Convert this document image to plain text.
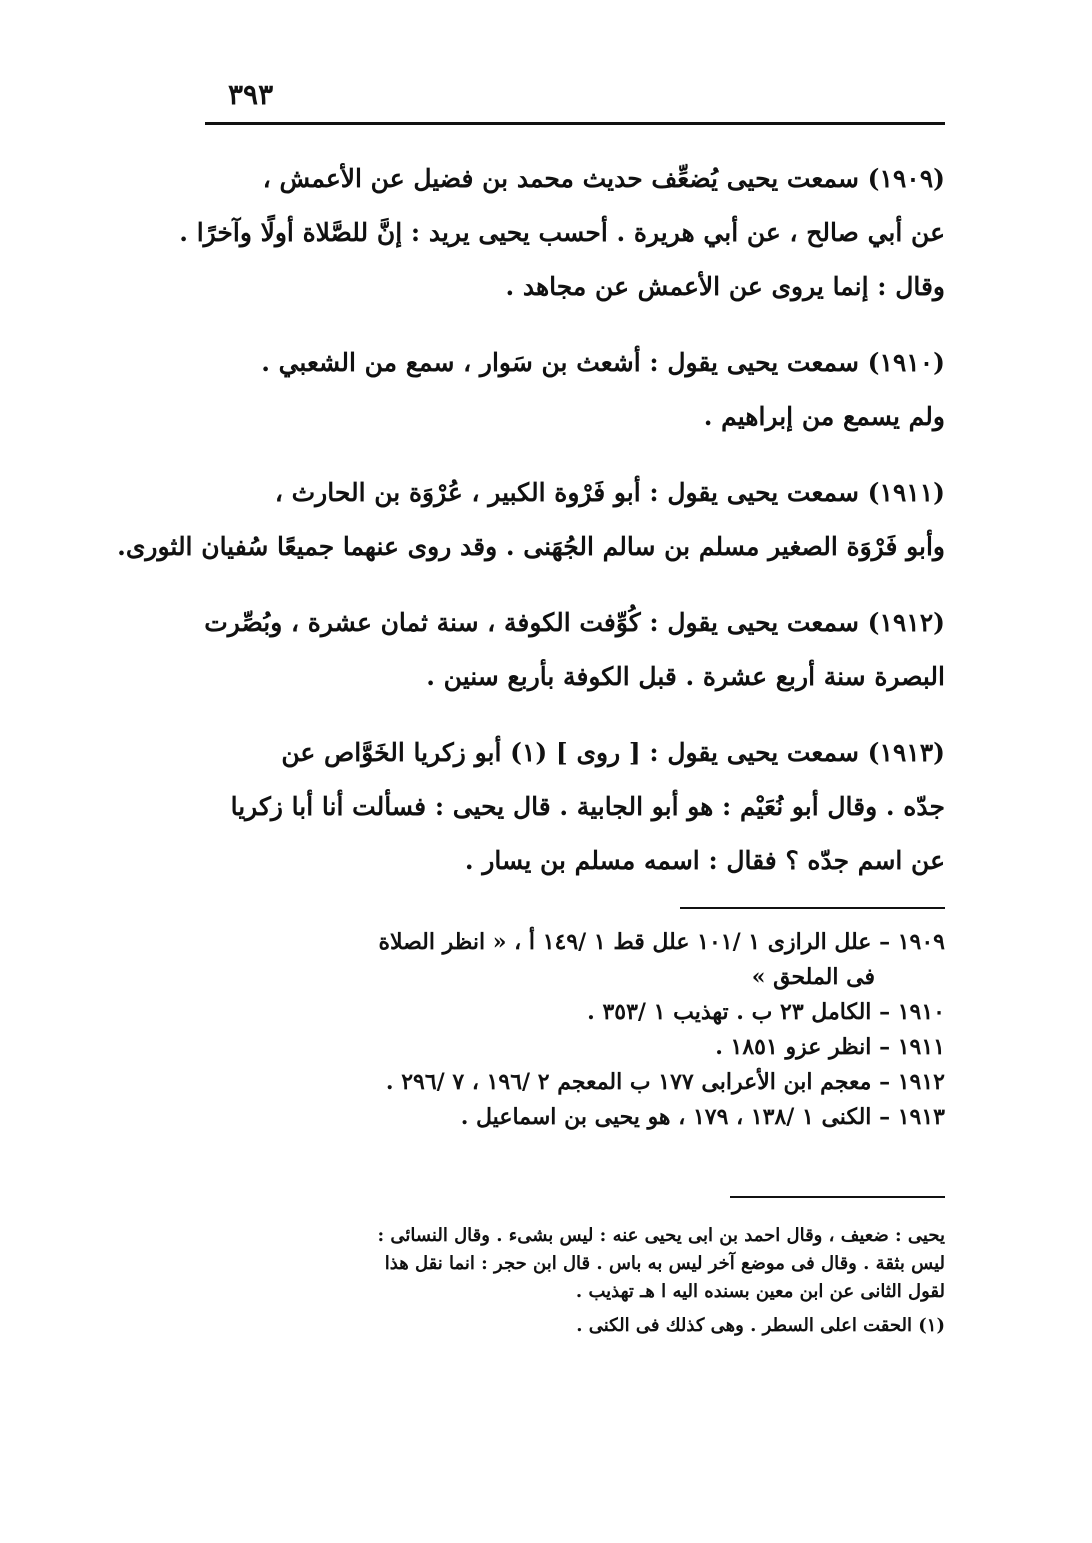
٣٩٣
(١٩٠٩) سمعت يحيى يُضعِّف حديث محمد بن فضيل عن الأعمش ،
عن أبي صالح ، عن أبي هريرة . أحسب يحيى يريد : إنَّ للصَّلاة أولًا وآخرًا .
وقال : إنما يروى عن الأعمش عن مجاهد .
(١٩١٠) سمعت يحيى يقول : أشعث بن سَوار ، سمع من الشعبي .
ولم يسمع من إبراهيم .
(١٩١١) سمعت يحيى يقول : أبو فَرْوة الكبير ، عُرْوَة بن الحارث ،
وأبو فَرْوَة الصغير مسلم بن سالم الجُهَنى . وقد روى عنهما جميعًا سُفيان الثورى.
(١٩١٢) سمعت يحيى يقول : كُوِّفت الكوفة ، سنة ثمان عشرة ، وبُصِّرت
البصرة سنة أربع عشرة . قبل الكوفة بأربع سنين .
(١٩١٣) سمعت يحيى يقول : [ روى ] (١) أبو زكريا الخَوَّاص عن
جدّه . وقال أبو نُعَيْم : هو أبو الجابية . قال يحيى : فسألت أنا أبا زكريا
عن اسم جدّه ؟ فقال : اسمه مسلم بن يسار .
١٩٠٩ – علل الرازى ١ /١٠١ علل قط ١ /١٤٩ أ ، « انظر الصلاة
فى الملحق »
١٩١٠ – الكامل ٢٣ ب . تهذيب ١ /٣٥٣ .
١٩١١ – انظر عزو ١٨٥١ .
١٩١٢ – معجم ابن الأعرابى ١٧٧ ب المعجم ٢ /١٩٦ ، ٧ /٢٩٦ .
١٩١٣ – الكنى ١ /١٣٨ ، ١٧٩ ، هو يحيى بن اسماعيل .
يحيى : ضعيف ، وقال احمد بن ابى يحيى عنه : ليس بشىء . وقال النسائى :
ليس بثقة . وقال فى موضع آخر ليس به باس . قال ابن حجر : انما نقل هذا
لقول الثانى عن ابن معين بسنده اليه ا هـ تهذيب .
(١) الحقت اعلى السطر . وهى كذلك فى الكنى .
